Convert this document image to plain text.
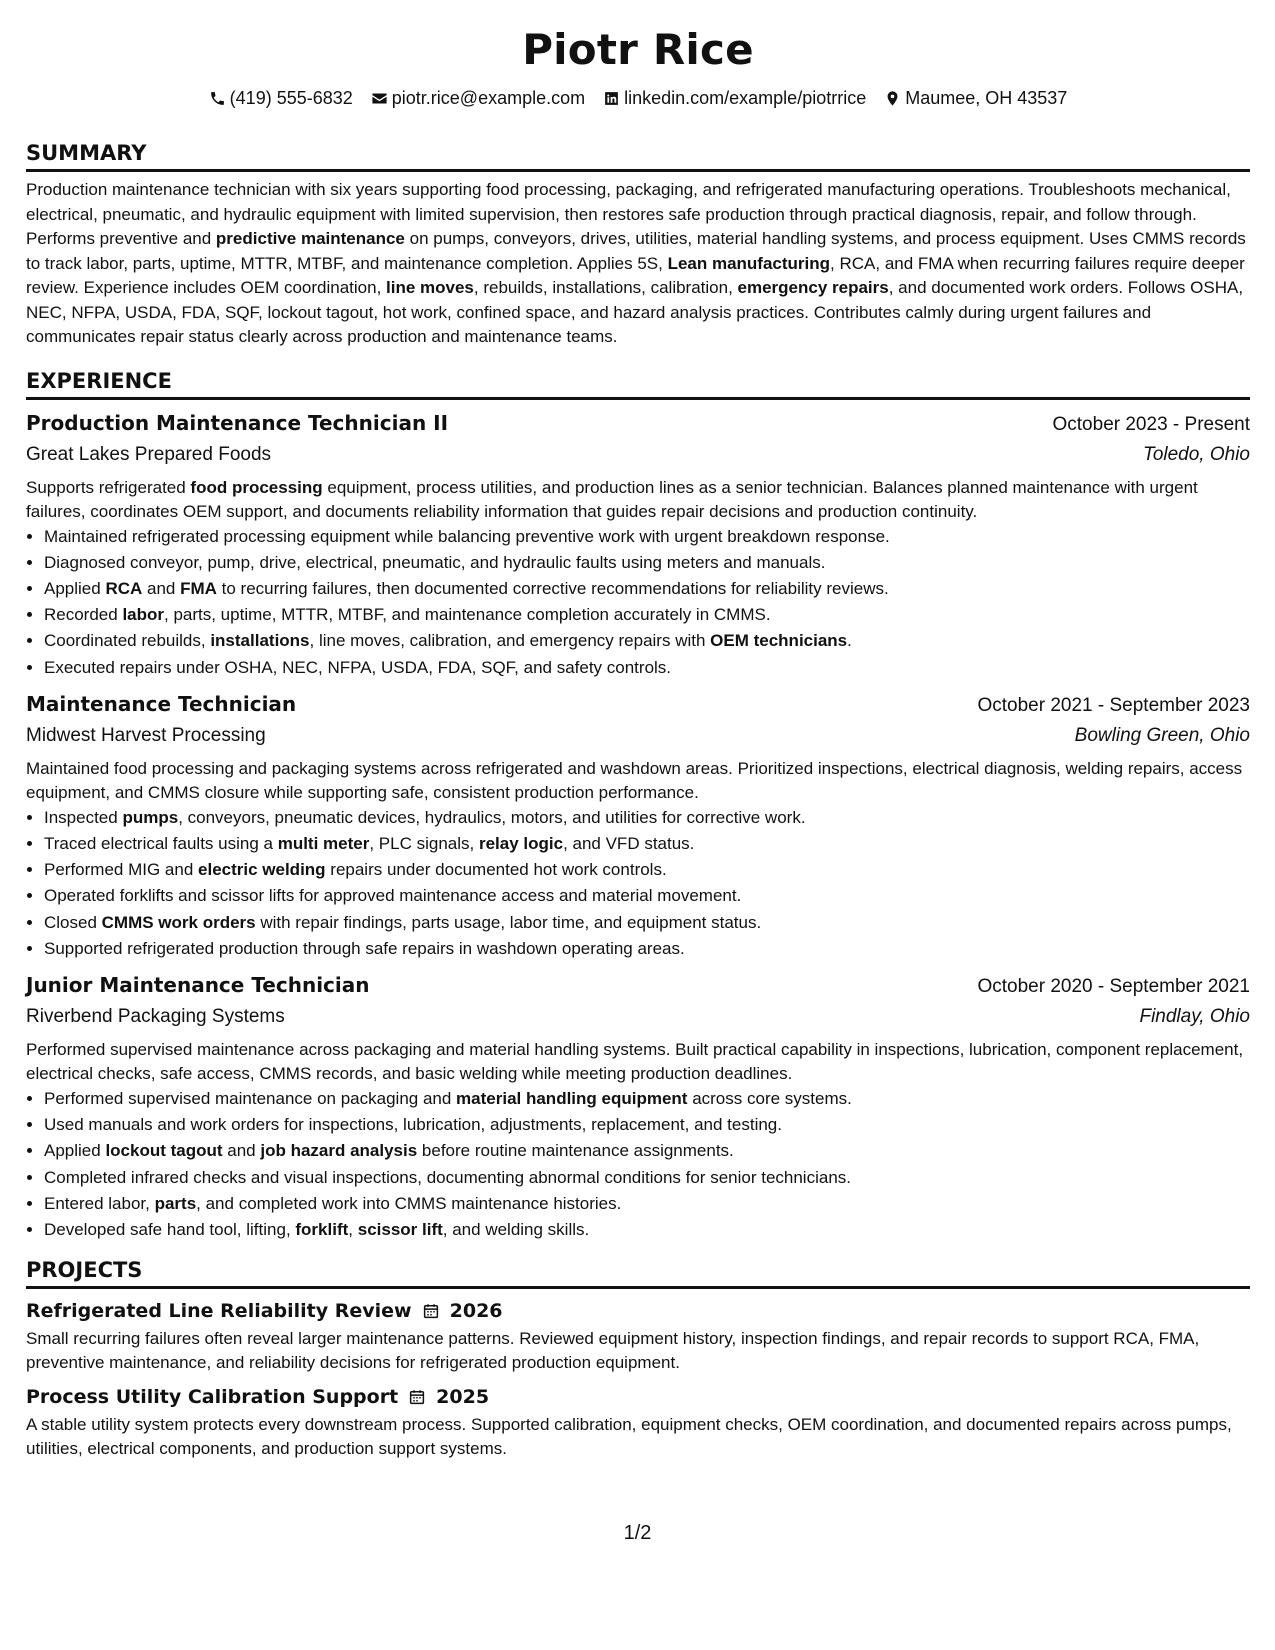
Piotr Rice
(419) 555-6832 piotr.rice@example.com linkedin.com/example/piotrrice Maumee, OH 43537
SUMMARY

Production maintenance technician with six years supporting food processing, packaging, and refrigerated manufacturing operations. Troubleshoots mechanical, electrical, pneumatic, and hydraulic equipment with limited supervision, then restores safe production through practical diagnosis, repair, and follow through. Performs preventive and predictive maintenance on pumps, conveyors, drives, utilities, material handling systems, and process equipment. Uses CMMS records to track labor, parts, uptime, MTTR, MTBF, and maintenance completion. Applies 5S, Lean manufacturing, RCA, and FMA when recurring failures require deeper review. Experience includes OEM coordination, line moves, rebuilds, installations, calibration, emergency repairs, and documented work orders. Follows OSHA, NEC, NFPA, USDA, FDA, SQF, lockout tagout, hot work, confined space, and hazard analysis practices. Contributes calmly during urgent failures and communicates repair status clearly across production and maintenance teams.

EXPERIENCE
Production Maintenance Technician II	October 2023 - Present
Great Lakes Prepared Foods	Toledo, Ohio

Supports refrigerated food processing equipment, process utilities, and production lines as a senior technician. Balances planned maintenance with urgent failures, coordinates OEM support, and documents reliability information that guides repair decisions and production continuity.

• Maintained refrigerated processing equipment while balancing preventive work with urgent breakdown response.
• Diagnosed conveyor, pump, drive, electrical, pneumatic, and hydraulic faults using meters and manuals.
• Applied RCA and FMA to recurring failures, then documented corrective recommendations for reliability reviews.
• Recorded labor, parts, uptime, MTTR, MTBF, and maintenance completion accurately in CMMS.
• Coordinated rebuilds, installations, line moves, calibration, and emergency repairs with OEM technicians.
• Executed repairs under OSHA, NEC, NFPA, USDA, FDA, SQF, and safety controls.
Maintenance Technician	October 2021 - September 2023
Midwest Harvest Processing	Bowling Green, Ohio

Maintained food processing and packaging systems across refrigerated and washdown areas. Prioritized inspections, electrical diagnosis, welding repairs, access equipment, and CMMS closure while supporting safe, consistent production performance.

• Inspected pumps, conveyors, pneumatic devices, hydraulics, motors, and utilities for corrective work.
• Traced electrical faults using a multi meter, PLC signals, relay logic, and VFD status.
• Performed MIG and electric welding repairs under documented hot work controls.
• Operated forklifts and scissor lifts for approved maintenance access and material movement.
• Closed CMMS work orders with repair findings, parts usage, labor time, and equipment status.
• Supported refrigerated production through safe repairs in washdown operating areas.
Junior Maintenance Technician	October 2020 - September 2021
Riverbend Packaging Systems	Findlay, Ohio

Performed supervised maintenance across packaging and material handling systems. Built practical capability in inspections, lubrication, component replacement, electrical checks, safe access, CMMS records, and basic welding while meeting production deadlines.

• Performed supervised maintenance on packaging and material handling equipment across core systems.
• Used manuals and work orders for inspections, lubrication, adjustments, replacement, and testing.
• Applied lockout tagout and job hazard analysis before routine maintenance assignments.
• Completed infrared checks and visual inspections, documenting abnormal conditions for senior technicians.
• Entered labor, parts, and completed work into CMMS maintenance histories.
• Developed safe hand tool, lifting, forklift, scissor lift, and welding skills.
PROJECTS
Refrigerated Line Reliability Review 2026

Small recurring failures often reveal larger maintenance patterns. Reviewed equipment history, inspection findings, and repair records to support RCA, FMA, preventive maintenance, and reliability decisions for refrigerated production equipment.

Process Utility Calibration Support 2025

A stable utility system protects every downstream process. Supported calibration, equipment checks, OEM coordination, and documented repairs across pumps, utilities, electrical components, and production support systems.

1/2
